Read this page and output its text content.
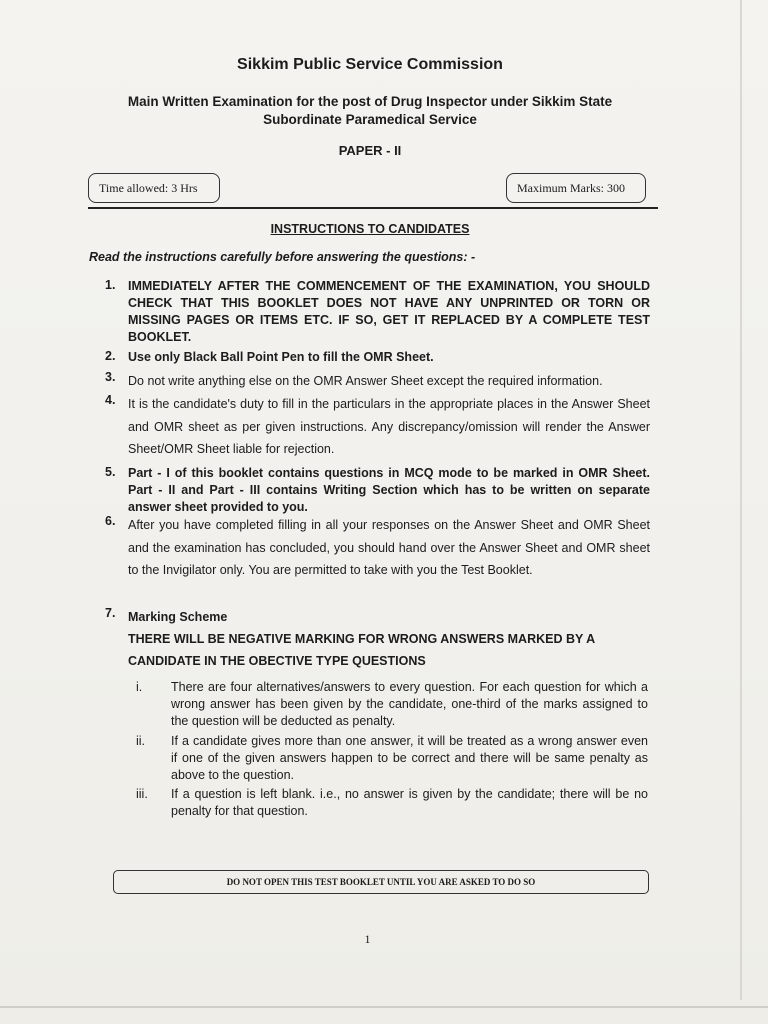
Sikkim Public Service Commission
Main Written Examination for the post of Drug Inspector under Sikkim State
Subordinate Paramedical Service
PAPER - II
Time allowed: 3 Hrs	Maximum Marks: 300
INSTRUCTIONS TO CANDIDATES
Read the instructions carefully before answering the questions: -
1.	IMMEDIATELY AFTER THE COMMENCEMENT OF THE EXAMINATION, YOU SHOULD CHECK THAT THIS BOOKLET DOES NOT HAVE ANY UNPRINTED OR TORN OR MISSING PAGES OR ITEMS ETC. IF SO, GET IT REPLACED BY A COMPLETE TEST BOOKLET.
2.	Use only Black Ball Point Pen to fill the OMR Sheet.
3.	Do not write anything else on the OMR Answer Sheet except the required information.
4.	It is the candidate's duty to fill in the particulars in the appropriate places in the Answer Sheet and OMR sheet as per given instructions. Any discrepancy/omission will render the Answer Sheet/OMR Sheet liable for rejection.
5.	Part - I of this booklet contains questions in MCQ mode to be marked in OMR Sheet. Part - II and Part - III contains Writing Section which has to be written on separate answer sheet provided to you.
6.	After you have completed filling in all your responses on the Answer Sheet and OMR Sheet and the examination has concluded, you should hand over the Answer Sheet and OMR sheet to the Invigilator only. You are permitted to take with you the Test Booklet.
7.	Marking Scheme
THERE WILL BE NEGATIVE MARKING FOR WRONG ANSWERS MARKED BY A CANDIDATE IN THE OBECTIVE TYPE QUESTIONS
i.	There are four alternatives/answers to every question. For each question for which a wrong answer has been given by the candidate, one-third of the marks assigned to the question will be deducted as penalty.
ii.	If a candidate gives more than one answer, it will be treated as a wrong answer even if one of the given answers happen to be correct and there will be same penalty as above to the question.
iii.	If a question is left blank. i.e., no answer is given by the candidate; there will be no penalty for that question.
DO NOT OPEN THIS TEST BOOKLET UNTIL YOU ARE ASKED TO DO SO
1
